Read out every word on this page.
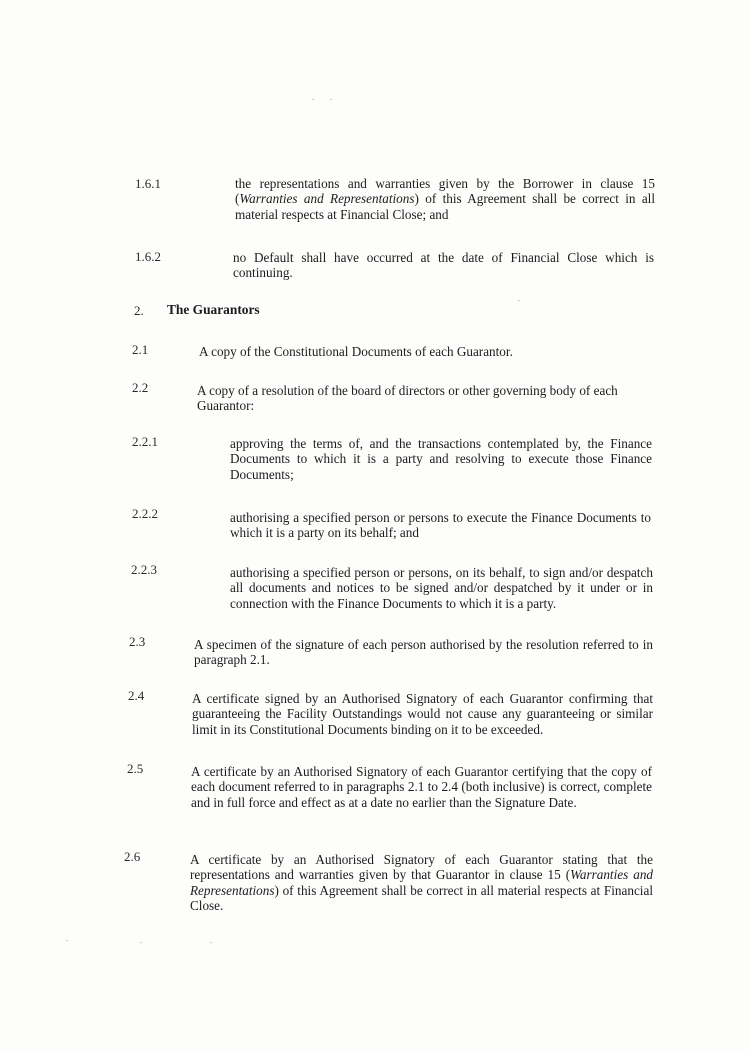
1.6.1	the representations and warranties given by the Borrower in clause 15 (Warranties and Representations) of this Agreement shall be correct in all material respects at Financial Close; and
1.6.2	no Default shall have occurred at the date of Financial Close which is continuing.
2. The Guarantors
2.1	A copy of the Constitutional Documents of each Guarantor.
2.2	A copy of a resolution of the board of directors or other governing body of each Guarantor:
2.2.1	approving the terms of, and the transactions contemplated by, the Finance Documents to which it is a party and resolving to execute those Finance Documents;
2.2.2	authorising a specified person or persons to execute the Finance Documents to which it is a party on its behalf; and
2.2.3	authorising a specified person or persons, on its behalf, to sign and/or despatch all documents and notices to be signed and/or despatched by it under or in connection with the Finance Documents to which it is a party.
2.3	A specimen of the signature of each person authorised by the resolution referred to in paragraph 2.1.
2.4	A certificate signed by an Authorised Signatory of each Guarantor confirming that guaranteeing the Facility Outstandings would not cause any guaranteeing or similar limit in its Constitutional Documents binding on it to be exceeded.
2.5	A certificate by an Authorised Signatory of each Guarantor certifying that the copy of each document referred to in paragraphs 2.1 to 2.4 (both inclusive) is correct, complete and in full force and effect as at a date no earlier than the Signature Date.
2.6	A certificate by an Authorised Signatory of each Guarantor stating that the representations and warranties given by that Guarantor in clause 15 (Warranties and Representations) of this Agreement shall be correct in all material respects at Financial Close.
